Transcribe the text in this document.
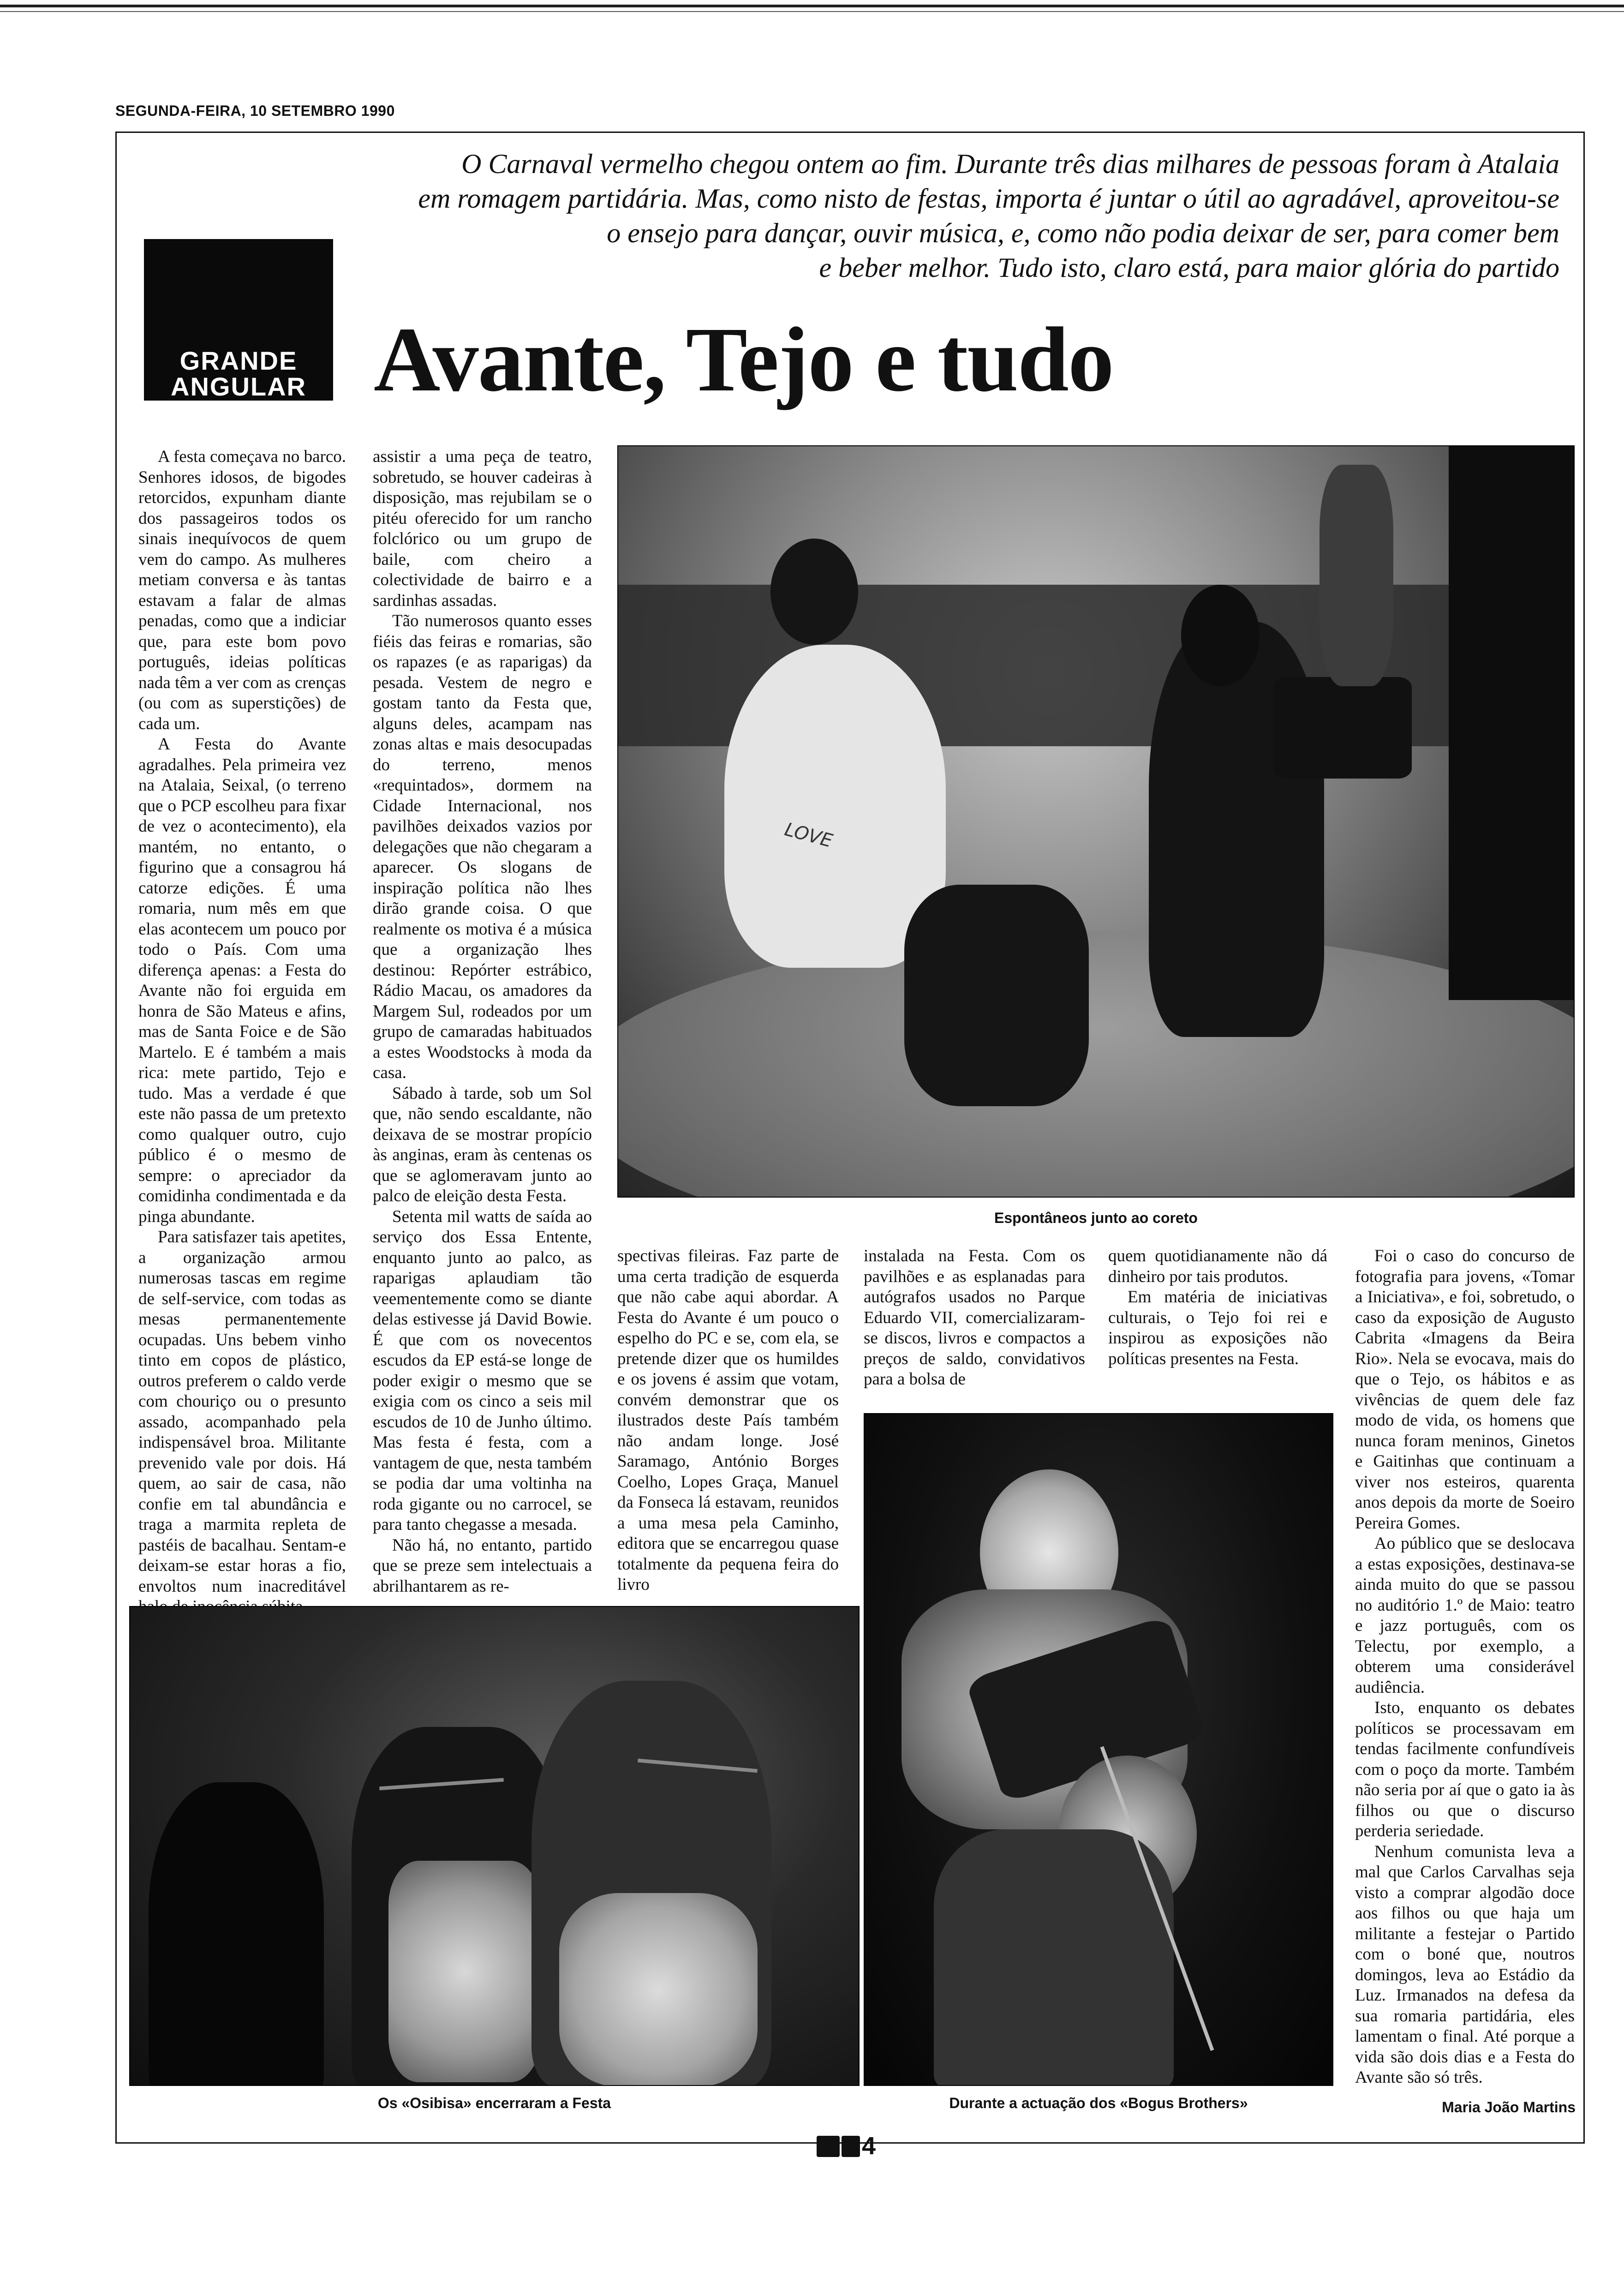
SEGUNDA-FEIRA, 10 SETEMBRO 1990
O Carnaval vermelho chegou ontem ao fim. Durante três dias milhares de pessoas foram à Atalaia
em romagem partidária. Mas, como nisto de festas, importa é juntar o útil ao agradável, aproveitou-se
o ensejo para dançar, ouvir música, e, como não podia deixar de ser, para comer bem
e beber melhor. Tudo isto, claro está, para maior glória do partido
GRANDE
ANGULAR Avante, Tejo e tudo

A festa começava no barco. Senhores idosos, de bigodes retorcidos, expunham diante dos passageiros todos os sinais inequívocos de quem vem do campo. As mulheres metiam conversa e às tantas estavam a falar de almas penadas, como que a indiciar que, para este bom povo português, ideias políticas nada têm a ver com as crenças (ou com as superstições) de cada um.

A Festa do Avante agradalhes. Pela primeira vez na Atalaia, Seixal, (o terreno que o PCP escolheu para fixar de vez o acontecimento), ela mantém, no entanto, o figurino que a consagrou há catorze edições. É uma romaria, num mês em que elas acontecem um pouco por todo o País. Com uma diferença apenas: a Festa do Avante não foi erguida em honra de São Mateus e afins, mas de Santa Foice e de São Martelo. E é também a mais rica: mete partido, Tejo e tudo. Mas a verdade é que este não passa de um pretexto como qualquer outro, cujo público é o mesmo de sempre: o apreciador da comidinha condimentada e da pinga abundante.

Para satisfazer tais apetites, a organização armou numerosas tascas em regime de self-service, com todas as mesas permanentemente ocupadas. Uns bebem vinho tinto em copos de plástico, outros preferem o caldo verde com chouriço ou o presunto assado, acompanhado pela indispensável broa. Militante prevenido vale por dois. Há quem, ao sair de casa, não confie em tal abundância e traga a marmita repleta de pastéis de bacalhau. Sentam-e deixam-se estar horas a fio, envoltos num inacreditável

assistir a uma peça de teatro, sobretudo, se houver cadeiras à disposição, mas rejubilam se o pitéu oferecido for um rancho folclórico ou um grupo de baile, com cheiro a colectividade de bairro e a sardinhas assadas.

Tão numerosos quanto esses fiéis das feiras e romarias, são os rapazes (e as raparigas) da pesada. Vestem de negro e gostam tanto da Festa que, alguns deles, acampam nas zonas altas e mais desocupadas do terreno, menos «requintados», dormem na Cidade Internacional, nos pavilhões deixados vazios por delegações que não chegaram a aparecer. Os slogans de inspiração política não lhes dirão grande coisa. O que realmente os motiva é a música que a organização lhes destinou: Repórter estrábico, Rádio Macau, os amadores da Margem Sul, rodeados por um grupo de camaradas habituados a estes Woodstocks à moda da casa.

Sábado à tarde, sob um Sol que, não sendo escaldante, não deixava de se mostrar propício às anginas, eram às centenas os que se aglomeravam junto ao palco de eleição desta Festa.

Setenta mil watts de saída ao serviço dos Essa Entente, enquanto junto ao palco, as raparigas aplaudiam tão veementemente como se diante delas estivesse já David Bowie. É que com os novecentos escudos da EP está-se longe de poder exigir o mesmo que se exigia com os cinco a seis mil escudos de 10 de Junho último. Mas festa é festa, com a vantagem de que, nesta também se podia dar uma voltinha na roda gigante ou no carrocel, se para tanto chegasse a mesada.

Não há, no entanto, partido que se preze sem intelectuais a abrilhantarem as re-

LOVE
Espontâneos junto ao coreto

spectivas fileiras. Faz parte de uma certa tradição de esquerda que não cabe aqui abordar. A Festa do Avante é um pouco o espelho do PC e se, com ela, se pretende dizer que os humildes e os jovens é assim que votam, convém demonstrar que os ilustrados deste País também não andam longe. José Saramago, António Borges Coelho, Lopes Graça, Manuel da Fonseca lá estavam, reunidos a uma mesa pela Caminho, editora que se encarregou quase totalmente da pequena feira do livro

instalada na Festa. Com os pavilhões e as esplanadas para autógrafos usados no Parque Eduardo VII, comercializaram-se discos, livros e compactos a preços de saldo, convidativos para a bolsa de

quem quotidianamente não dá dinheiro por tais produtos.

Em matéria de iniciativas culturais, o Tejo foi rei e inspirou as exposições não políticas presentes na Festa.

Foi o caso do concurso de fotografia para jovens, «Tomar a Iniciativa», e foi, sobretudo, o caso da exposição de Augusto Cabrita «Imagens da Beira Rio». Nela se evocava, mais do que o Tejo, os hábitos e as vivências de quem dele faz modo de vida, os homens que nunca foram meninos, Ginetos e Gaitinhas que continuam a viver nos esteiros, quarenta anos depois da morte de Soeiro Pereira Gomes.

Ao público que se deslocava a estas exposições, destinava-se ainda muito do que se passou no auditório 1.º de Maio: teatro e jazz português, com os Telectu, por exemplo, a obterem uma considerável audiência.

Isto, enquanto os debates políticos se processavam em tendas facilmente confundíveis com o poço da morte. Também não seria por aí que o gato ia às filhos ou que o discurso perderia seriedade.

Nenhum comunista leva a mal que Carlos Carvalhas seja visto a comprar algodão doce aos filhos ou que haja um militante a festejar o Partido com o boné que, noutros domingos, leva ao Estádio da Luz. Irmanados na defesa da sua romaria partidária, eles lamentam o final. Até porque a vida são dois dias e a Festa do Avante são só três.

Os «Osibisa» encerraram a Festa	Durante a actuação dos «Bogus Brothers»	Maria João Martins
4
